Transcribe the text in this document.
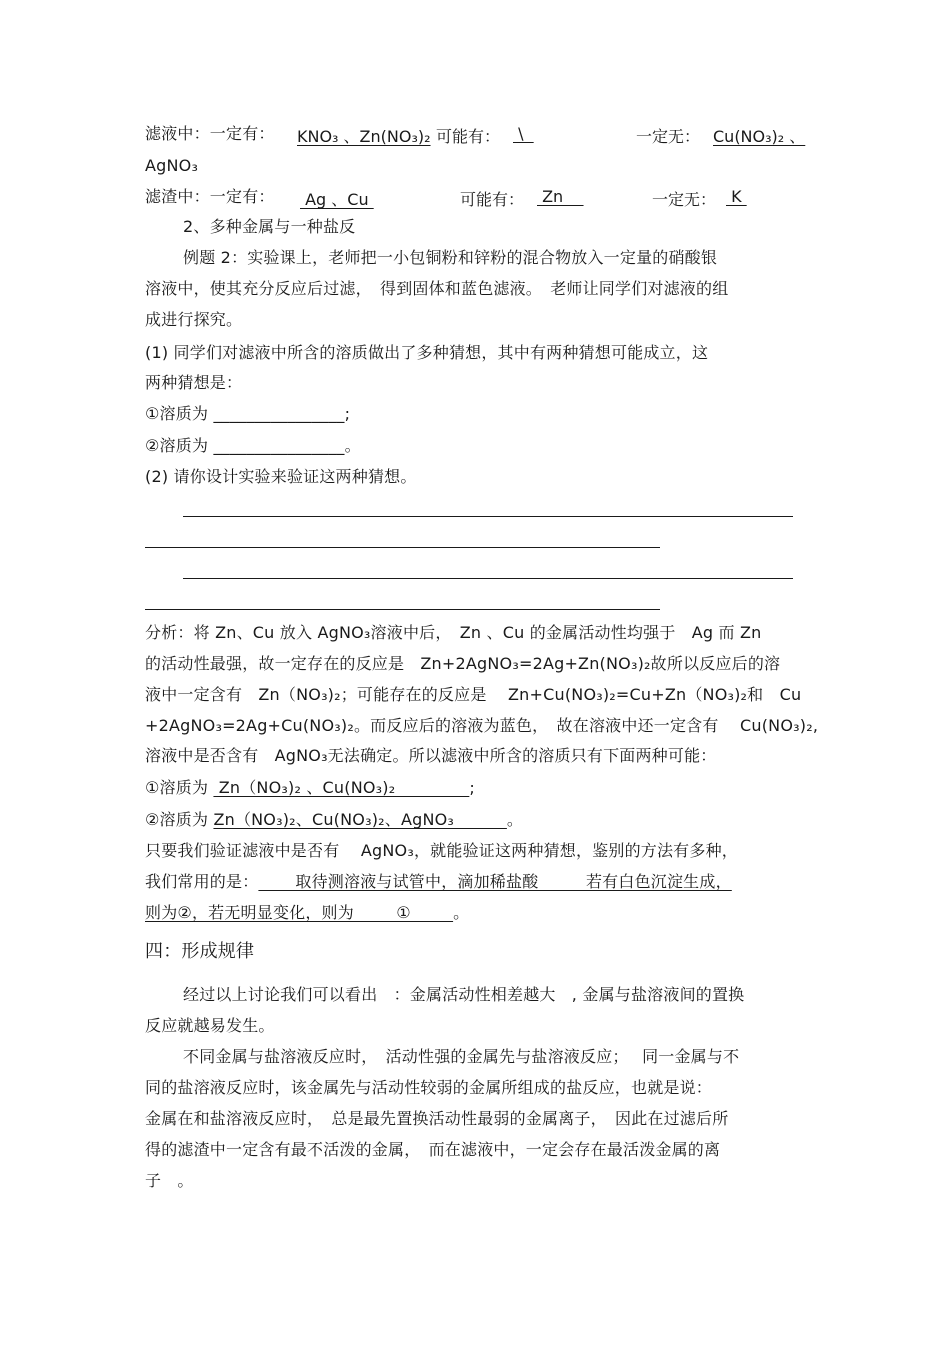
滤液中：一定有： KNO₃ 、Zn(NO₃)₂ 可能有： \	一定无： Cu(NO₃)₂ 、
AgNO₃
滤渣中：一定有： Ag 、Cu	可能有： Zn	一定无： K
2、多种金属与一种盐反
例题 2：实验课上，老师把一小包铜粉和锌粉的混合物放入一定量的硝酸银
溶液中，使其充分反应后过滤，　得到固体和蓝色滤液。　老师让同学们对滤液的组
成进行探究。
(1) 同学们对滤液中所含的溶质做出了多种猜想，其中有两种猜想可能成立，这
两种猜想是：
①溶质为 ________________;
②溶质为 ________________。
(2) 请你设计实验来验证这两种猜想。
分析：将 Zn、Cu 放入 AgNO₃溶液中后，　Zn 、Cu 的金属活动性均强于　Ag 而 Zn
的活动性最强，故一定存在的反应是　Zn+2AgNO₃=2Ag+Zn(NO₃)₂故所以反应后的溶
液中一定含有　Zn（NO₃)₂；可能存在的反应是　 Zn+Cu(NO₃)₂=Cu+Zn（NO₃)₂和　Cu
+2AgNO₃=2Ag+Cu(NO₃)₂。而反应后的溶液为蓝色，　故在溶液中还一定含有　 Cu(NO₃)₂,
溶液中是否含有　AgNO₃无法确定。所以滤液中所含的溶质只有下面两种可能：
①溶质为  Zn（NO₃)₂ 、Cu(NO₃)₂              ;
②溶质为 Zn（NO₃)₂、Cu(NO₃)₂、AgNO₃          。
只要我们验证滤液中是否有　 AgNO₃，就能验证这两种猜想，鉴别的方法有多种，
我们常用的是：       取待测溶液与试管中，滴加稀盐酸         若有白色沉淀生成，
则为②，若无明显变化，则为        ①        。
四：形成规律
经过以上讨论我们可以看出　：金属活动性相差越大　, 金属与盐溶液间的置换
反应就越易发生。
不同金属与盐溶液反应时，　活动性强的金属先与盐溶液反应；　 同一金属与不
同的盐溶液反应时，该金属先与活动性较弱的金属所组成的盐反应，也就是说：
金属在和盐溶液反应时，　总是最先置换活动性最弱的金属离子，　因此在过滤后所
得的滤渣中一定含有最不活泼的金属，　而在滤液中，一定会存在最活泼金属的离
子　。
